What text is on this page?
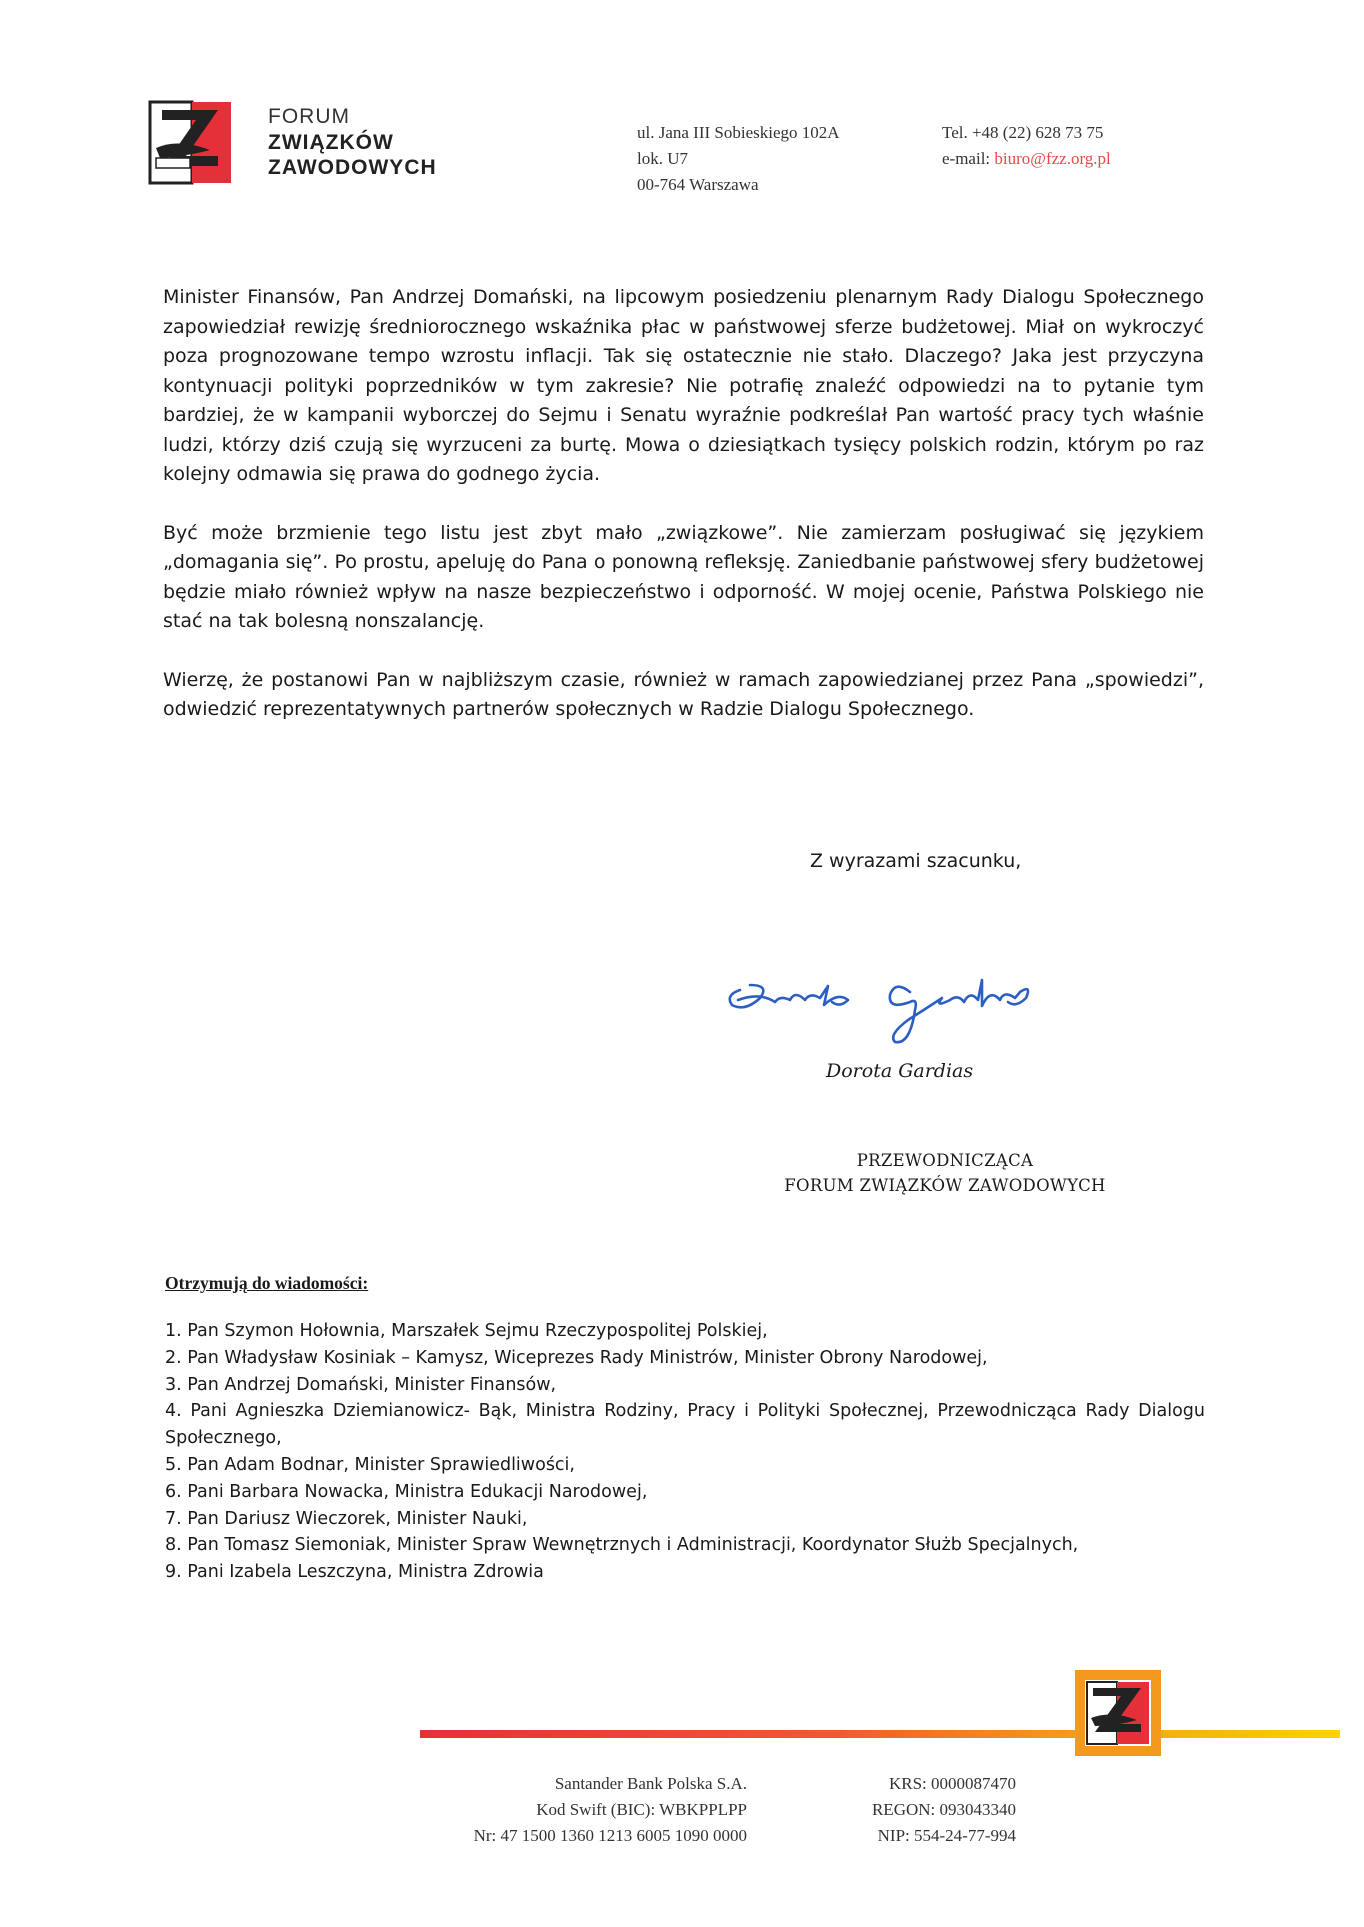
FORUM
ZWIĄZKÓW
ZAWODOWYCH
ul. Jana III Sobieskiego 102A
lok. U7
00-764 Warszawa
Tel. +48 (22) 628 73 75
e-mail: biuro@fzz.org.pl

Minister Finansów, Pan Andrzej Domański, na lipcowym posiedzeniu plenarnym Rady Dialogu Społecznego zapowiedział rewizję średniorocznego wskaźnika płac w państwowej sferze budżetowej. Miał on wykroczyć poza prognozowane tempo wzrostu inflacji. Tak się ostatecznie nie stało. Dlaczego? Jaka jest przyczyna kontynuacji polityki poprzedników w tym zakresie? Nie potrafię znaleźć odpowiedzi na to pytanie tym bardziej, że w kampanii wyborczej do Sejmu i Senatu wyraźnie podkreślał Pan wartość pracy tych właśnie ludzi, którzy dziś czują się wyrzuceni za burtę. Mowa o dziesiątkach tysięcy polskich rodzin, którym po raz kolejny odmawia się prawa do godnego życia.

Być może brzmienie tego listu jest zbyt mało „związkowe”. Nie zamierzam posługiwać się językiem „domagania się”. Po prostu, apeluję do Pana o ponowną refleksję. Zaniedbanie państwowej sfery budżetowej będzie miało również wpływ na nasze bezpieczeństwo i odporność. W mojej ocenie, Państwa Polskiego nie stać na tak bolesną nonszalancję.

Wierzę, że postanowi Pan w najbliższym czasie, również w ramach zapowiedzianej przez Pana „spowiedzi”, odwiedzić reprezentatywnych partnerów społecznych w Radzie Dialogu Społecznego.

Z wyrazami szacunku,
Dorota Gardias
PRZEWODNICZĄCA
FORUM ZWIĄZKÓW ZAWODOWYCH
Otrzymują do wiadomości:
1. Pan Szymon Hołownia, Marszałek Sejmu Rzeczypospolitej Polskiej,
2. Pan Władysław Kosiniak – Kamysz, Wiceprezes Rady Ministrów, Minister Obrony Narodowej,
3. Pan Andrzej Domański, Minister Finansów,
4. Pani Agnieszka Dziemianowicz- Bąk, Ministra Rodziny, Pracy i Polityki Społecznej, Przewodnicząca Rady Dialogu Społecznego,
5. Pan Adam Bodnar, Minister Sprawiedliwości,
6. Pani Barbara Nowacka, Ministra Edukacji Narodowej,
7. Pan Dariusz Wieczorek, Minister Nauki,
8. Pan Tomasz Siemoniak, Minister Spraw Wewnętrznych i Administracji, Koordynator Służb Specjalnych,
9. Pani Izabela Leszczyna, Ministra Zdrowia
Santander Bank Polska S.A.
Kod Swift (BIC): WBKPPLPP
Nr: 47 1500 1360 1213 6005 1090 0000
KRS: 0000087470
REGON: 093043340
NIP: 554-24-77-994
